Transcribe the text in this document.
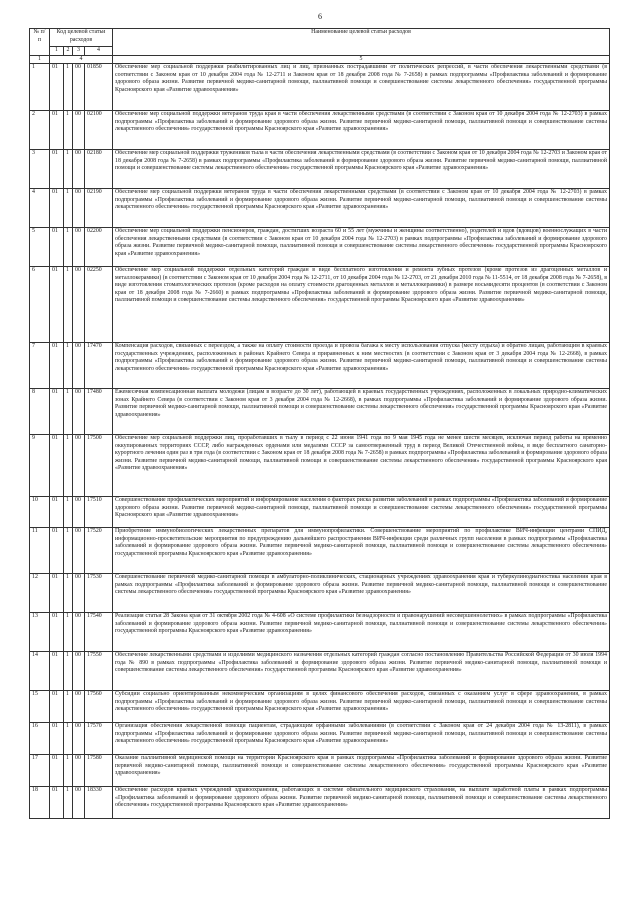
6
№ п/п	Код целевой статьи расходов				Наименование целевой статьи расходов
	1	2	3	4	
1	4				5
1	01	1	00	01850	Обеспечение мер социальной поддержки реабилитированных лиц и лиц, признанных пострадавшими от политических репрессий, в части обеспечения лекарственными средствами (в соответствии с Законом края от 10 декабря 2004 года № 12-2711 и Законом края от 18 декабря 2008 года № 7-2658) в рамках подпрограммы «Профилактика заболеваний и формирование здорового образа жизни. Развитие первичной медико-санитарной помощи, паллиативной помощи и совершенствование системы лекарственного обеспечения» государственной программы Красноярского края «Развитие здравоохранения»
2	01	1	00	02100	Обеспечение мер социальной поддержки ветеранов труда края в части обеспечения лекарственными средствами (в соответствии с Законом края от 10 декабря 2004 года № 12-2703) в рамках подпрограммы «Профилактика заболеваний и формирование здорового образа жизни. Развитие первичной медико-санитарной помощи, паллиативной помощи и совершенствование системы лекарственного обеспечения» государственной программы Красноярского края «Развитие здравоохранения»
3	01	1	00	02180	Обеспечение мер социальной поддержки тружеников тыла в части обеспечения лекарственными средствами (в соответствии с Законом края от 10 декабря 2004 года № 12-2703 и Законом края от 18 декабря 2008 года № 7-2658) в рамках подпрограммы «Профилактика заболеваний и формирование здорового образа жизни. Развитие первичной медико-санитарной помощи, паллиативной помощи и совершенствование системы лекарственного обеспечения» государственной программы Красноярского края «Развитие здравоохранения»
4	01	1	00	02190	Обеспечение мер социальной поддержки ветеранов труда в части обеспечения лекарственными средствами (в соответствии с Законом края от 10 декабря 2004 года № 12-2703) в рамках подпрограммы «Профилактика заболеваний и формирование здорового образа жизни. Развитие первичной медико-санитарной помощи, паллиативной помощи и совершенствование системы лекарственного обеспечения» государственной программы Красноярского края «Развитие здравоохранения»
5	01	1	00	02200	Обеспечение мер социальной поддержки пенсионеров, граждан, достигших возраста 60 и 55 лет (мужчины и женщины соответственно), родителей и вдов (вдовцов) военнослужащих в части обеспечения лекарственными средствами (в соответствии с Законом края от 10 декабря 2004 года № 12-2703) в рамках подпрограммы «Профилактика заболеваний и формирование здорового образа жизни. Развитие первичной медико-санитарной помощи, паллиативной помощи и совершенствование системы лекарственного обеспечения» государственной программы Красноярского края «Развитие здравоохранения»
6	01	1	00	02250	Обеспечение мер социальной поддержки отдельных категорий граждан в виде бесплатного изготовления и ремонта зубных протезов (кроме протезов из драгоценных металлов и металлокерамики) (в соответствии с Законом края от 10 декабря 2004 года № 12-2711, от 10 декабря 2004 года № 12-2703, от 21 декабря 2010 года № 11-5514, от 18 декабря 2008 года № 7-2658), в виде изготовления стоматологических протезов (кроме расходов на оплату стоимости драгоценных металлов и металлокерамики) в размере восьмидесяти процентов (в соответствии с Законом края от 18 декабря 2008 года № 7-2660) в рамках подпрограммы «Профилактика заболеваний и формирование здорового образа жизни. Развитие первичной медико-санитарной помощи, паллиативной помощи и совершенствование системы лекарственного обеспечения» государственной программы Красноярского края «Развитие здравоохранения»
7	01	1	00	17470	Компенсация расходов, связанных с переездом, а также на оплату стоимости проезда и провоза багажа к месту использования отпуска (месту отдыха) и обратно лицам, работающим в краевых государственных учреждениях, расположенных в районах Крайнего Севера и приравненных к ним местностях (в соответствии с Законом края от 3 декабря 2004 года № 12-2668), в рамках подпрограммы «Профилактика заболеваний и формирование здорового образа жизни. Развитие первичной медико-санитарной помощи, паллиативной помощи и совершенствование системы лекарственного обеспечения» государственной программы Красноярского края «Развитие здравоохранения»
8	01	1	00	17480	Ежемесячная компенсационная выплата молодежи (лицам в возрасте до 30 лет), работающей в краевых государственных учреждениях, расположенных в локальных природно-климатических зонах Крайнего Севера (в соответствии с Законом края от 3 декабря 2004 года № 12-2668), в рамках подпрограммы «Профилактика заболеваний и формирование здорового образа жизни. Развитие первичной медико-санитарной помощи, паллиативной помощи и совершенствование системы лекарственного обеспечения» государственной программы Красноярского края «Развитие здравоохранения»
9	01	1	00	17500	Обеспечение мер социальной поддержки лиц, проработавших в тылу в период с 22 июня 1941 года по 9 мая 1945 года не менее шести месяцев, исключая период работы на временно оккупированных территориях СССР, либо награжденных орденами или медалями СССР за самоотверженный труд в период Великой Отечественной войны, в виде бесплатного санаторно-курортного лечения один раз в три года (в соответствии с Законом края от 18 декабря 2008 года № 7-2658) в рамках подпрограммы «Профилактика заболеваний и формирование здорового образа жизни. Развитие первичной медико-санитарной помощи, паллиативной помощи и совершенствование системы лекарственного обеспечения» государственной программы Красноярского края «Развитие здравоохранения»
10	01	1	00	17510	Совершенствование профилактических мероприятий и информирование населения о факторах риска развития заболеваний в рамках подпрограммы «Профилактика заболеваний и формирование здорового образа жизни. Развитие первичной медико-санитарной помощи, паллиативной помощи и совершенствование системы лекарственного обеспечения» государственной программы Красноярского края «Развитие здравоохранения»
11	01	1	00	17520	Приобретение иммунобиологических лекарственных препаратов для иммунопрофилактики. Совершенствование мероприятий по профилактике ВИЧ-инфекции центрами СПИД, информационно-просветительские мероприятия по предупреждению дальнейшего распространения ВИЧ-инфекции среди различных групп населения в рамках подпрограммы «Профилактика заболеваний и формирование здорового образа жизни. Развитие первичной медико-санитарной помощи, паллиативной помощи и совершенствование системы лекарственного обеспечения» государственной программы Красноярского края «Развитие здравоохранения»
12	01	1	00	17530	Совершенствование первичной медико-санитарной помощи в амбулаторно-поликлинических, стационарных учреждениях здравоохранения края и туберкулинодиагностика населения края в рамках подпрограммы «Профилактика заболеваний и формирование здорового образа жизни. Развитие первичной медико-санитарной помощи, паллиативной помощи и совершенствование системы лекарственного обеспечения» государственной программы Красноярского края «Развитие здравоохранения»
13	01	1	00	17540	Реализация статьи 28 Закона края от 31 октября 2002 года № 4-608 «О системе профилактики безнадзорности и правонарушений несовершеннолетних» в рамках подпрограммы «Профилактика заболеваний и формирование здорового образа жизни. Развитие первичной медико-санитарной помощи, паллиативной помощи и совершенствование системы лекарственного обеспечения» государственной программы Красноярского края «Развитие здравоохранения»
14	01	1	00	17550	Обеспечение лекарственными средствами и изделиями медицинского назначения отдельных категорий граждан согласно постановлению Правительства Российской Федерации от 30 июля 1994 года № 890 в рамках подпрограммы «Профилактика заболеваний и формирование здорового образа жизни. Развитие первичной медико-санитарной помощи, паллиативной помощи и совершенствование системы лекарственного обеспечения» государственной программы Красноярского края «Развитие здравоохранения»
15	01	1	00	17560	Субсидии социально ориентированным некоммерческим организациям в целях финансового обеспечения расходов, связанных с оказанием услуг в сфере здравоохранения, в рамках подпрограммы «Профилактика заболеваний и формирование здорового образа жизни. Развитие первичной медико-санитарной помощи, паллиативной помощи и совершенствование системы лекарственного обеспечения» государственной программы Красноярского края «Развитие здравоохранения»
16	01	1	00	17570	Организация обеспечения лекарственной помощи пациентам, страдающим орфанными заболеваниями (в соответствии с Законом края от 24 декабря 2004 года № 13-2811), в рамках подпрограммы «Профилактика заболеваний и формирование здорового образа жизни. Развитие первичной медико-санитарной помощи, паллиативной помощи и совершенствование системы лекарственного обеспечения» государственной программы Красноярского края «Развитие здравоохранения»
17	01	1	00	17580	Оказание паллиативной медицинской помощи на территории Красноярского края в рамках подпрограммы «Профилактика заболеваний и формирование здорового образа жизни. Развитие первичной медико-санитарной помощи, паллиативной помощи и совершенствование системы лекарственного обеспечения» государственной программы Красноярского края «Развитие здравоохранения»
18	01	1	00	18330	Обеспечение расходов краевых учреждений здравоохранения, работающих в системе обязательного медицинского страхования, на выплате заработной платы в рамках подпрограммы «Профилактика заболеваний и формирование здорового образа жизни. Развитие первичной медико-санитарной помощи, паллиативной помощи и совершенствование системы лекарственного обеспечения» государственной программы Красноярского края «Развитие здравоохранения»
